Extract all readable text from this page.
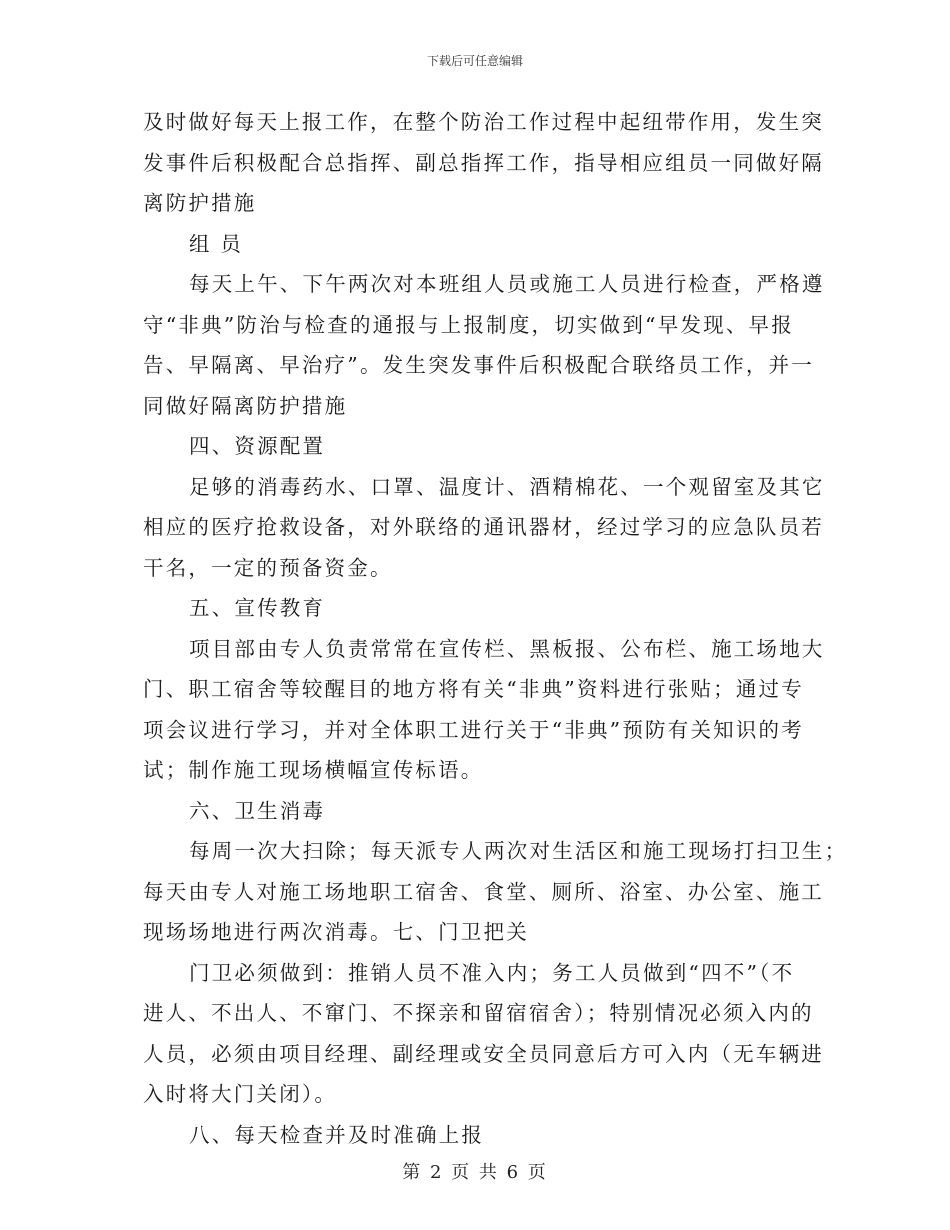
下载后可任意编辑
及时做好每天上报工作，在整个防治工作过程中起纽带作用，发生突
发事件后积极配合总指挥、副总指挥工作，指导相应组员一同做好隔
离防护措施
组 员
每天上午、下午两次对本班组人员或施工人员进行检查，严格遵
守“非典”防治与检查的通报与上报制度，切实做到“早发现、早报
告、早隔离、早治疗”。发生突发事件后积极配合联络员工作，并一
同做好隔离防护措施
四、资源配置
足够的消毒药水、口罩、温度计、酒精棉花、一个观留室及其它
相应的医疗抢救设备，对外联络的通讯器材，经过学习的应急队员若
干名，一定的预备资金。
五、宣传教育
项目部由专人负责常常在宣传栏、黑板报、公布栏、施工场地大
门、职工宿舍等较醒目的地方将有关“非典”资料进行张贴；通过专
项会议进行学习，并对全体职工进行关于“非典”预防有关知识的考
试；制作施工现场横幅宣传标语。
六、卫生消毒
每周一次大扫除；每天派专人两次对生活区和施工现场打扫卫生；
每天由专人对施工场地职工宿舍、食堂、厕所、浴室、办公室、施工
现场场地进行两次消毒。七、门卫把关
门卫必须做到：推销人员不准入内；务工人员做到“四不”（不
进人、不出人、不窜门、不探亲和留宿宿舍）；特别情况必须入内的
人员，必须由项目经理、副经理或安全员同意后方可入内（无车辆进
入时将大门关闭）。
八、每天检查并及时准确上报
第 2 页 共 6 页
